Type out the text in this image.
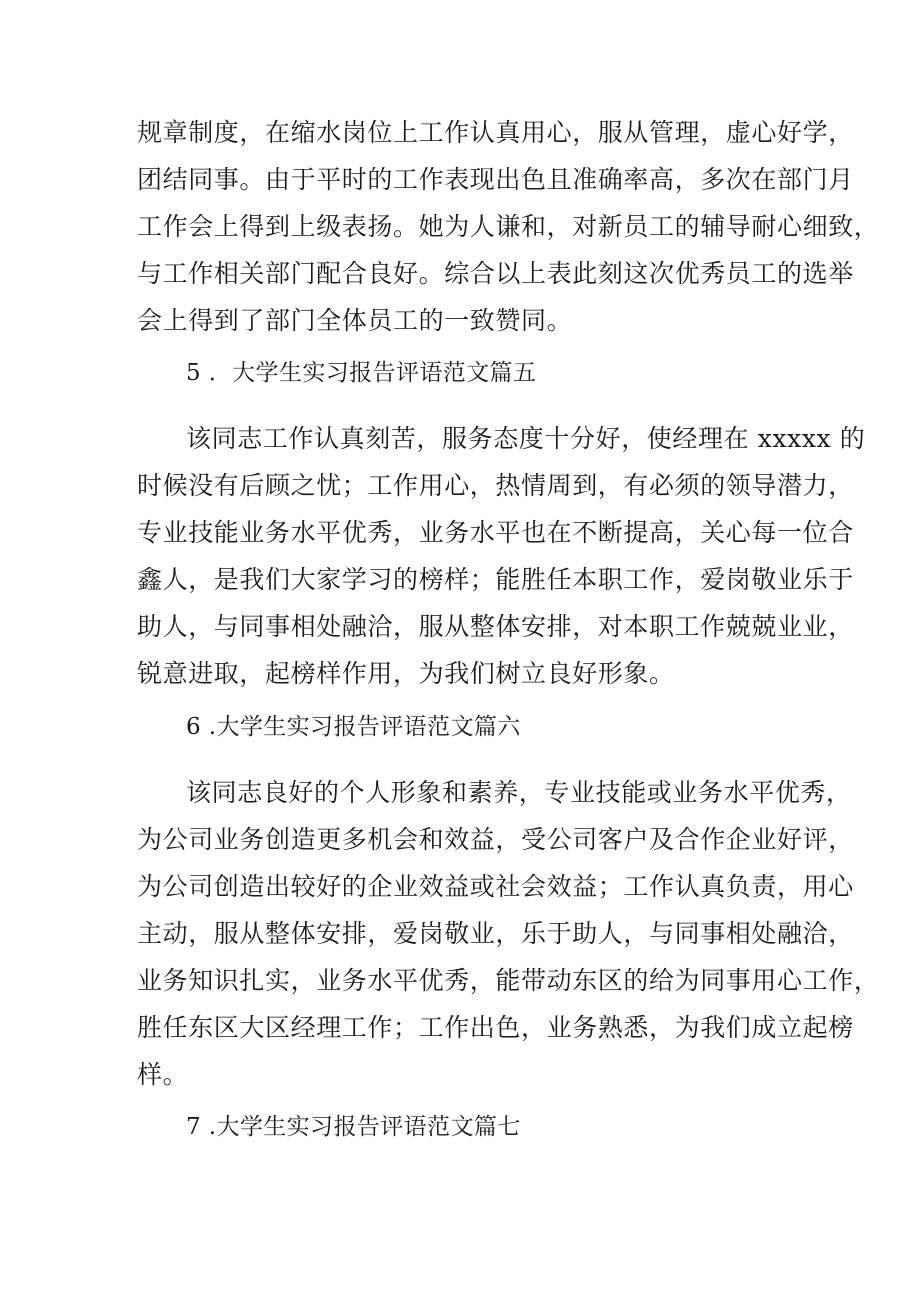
规章制度，在缩水岗位上工作认真用心，服从管理，虚心好学，
团结同事。由于平时的工作表现出色且准确率高，多次在部门月
工作会上得到上级表扬。她为人谦和，对新员工的辅导耐心细致，
与工作相关部门配合良好。综合以上表此刻这次优秀员工的选举
会上得到了部门全体员工的一致赞同。
5 ．大学生实习报告评语范文篇五
该同志工作认真刻苦，服务态度十分好，使经理在 xxxxx 的
时候没有后顾之忧；工作用心，热情周到，有必须的领导潜力，
专业技能业务水平优秀，业务水平也在不断提高，关心每一位合
鑫人，是我们大家学习的榜样；能胜任本职工作，爱岗敬业乐于
助人，与同事相处融洽，服从整体安排，对本职工作兢兢业业，
锐意进取，起榜样作用，为我们树立良好形象。
6 .大学生实习报告评语范文篇六
该同志良好的个人形象和素养，专业技能或业务水平优秀，
为公司业务创造更多机会和效益，受公司客户及合作企业好评，
为公司创造出较好的企业效益或社会效益；工作认真负责，用心
主动，服从整体安排，爱岗敬业，乐于助人，与同事相处融洽，
业务知识扎实，业务水平优秀，能带动东区的给为同事用心工作，
胜任东区大区经理工作；工作出色，业务熟悉，为我们成立起榜
样。
7 .大学生实习报告评语范文篇七
